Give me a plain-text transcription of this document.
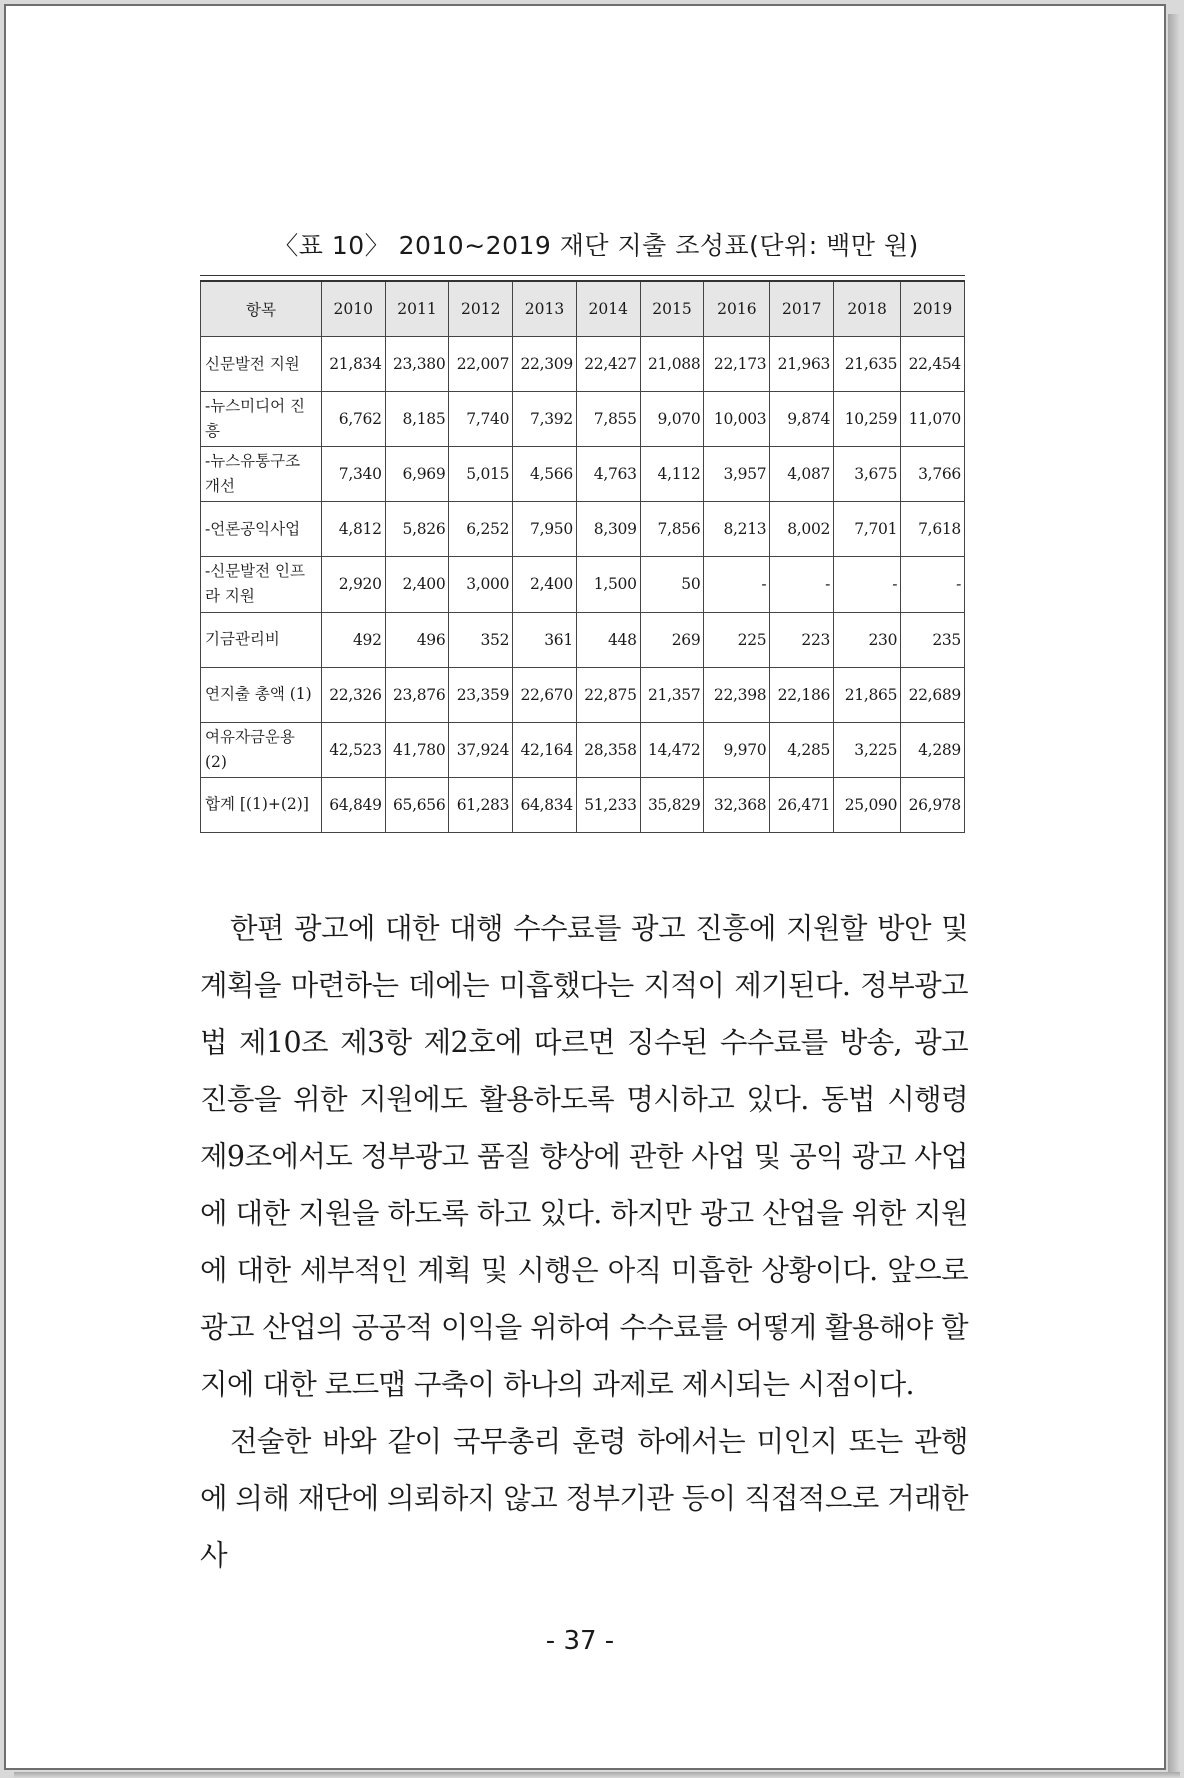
〈표 10〉 2010∼2019 재단 지출 조성표(단위: 백만 원)
항목	2010	2011	2012	2013	2014	2015	2016	2017	2018	2019
신문발전 지원	21,834	23,380	22,007	22,309	22,427	21,088	22,173	21,963	21,635	22,454
-뉴스미디어 진흥	6,762	8,185	7,740	7,392	7,855	9,070	10,003	9,874	10,259	11,070
-뉴스유통구조 개선	7,340	6,969	5,015	4,566	4,763	4,112	3,957	4,087	3,675	3,766
-언론공익사업	4,812	5,826	6,252	7,950	8,309	7,856	8,213	8,002	7,701	7,618
-신문발전 인프라 지원	2,920	2,400	3,000	2,400	1,500	50	-	-	-	-
기금관리비	492	496	352	361	448	269	225	223	230	235
연지출 총액 (1)	22,326	23,876	23,359	22,670	22,875	21,357	22,398	22,186	21,865	22,689
여유자금운용 (2)	42,523	41,780	37,924	42,164	28,358	14,472	9,970	4,285	3,225	4,289
합계 [(1)+(2)]	64,849	65,656	61,283	64,834	51,233	35,829	32,368	26,471	25,090	26,978

한편 광고에 대한 대행 수수료를 광고 진흥에 지원할 방안 및 계획을 마련하는 데에는 미흡했다는 지적이 제기된다. 정부광고법 제10조 제3항 제2호에 따르면 징수된 수수료를 방송, 광고 진흥을 위한 지원에도 활용하도록 명시하고 있다. 동법 시행령 제9조에서도 정부광고 품질 향상에 관한 사업 및 공익 광고 사업에 대한 지원을 하도록 하고 있다. 하지만 광고 산업을 위한 지원에 대한 세부적인 계획 및 시행은 아직 미흡한 상황이다. 앞으로 광고 산업의 공공적 이익을 위하여 수수료를 어떻게 활용해야 할지에 대한 로드맵 구축이 하나의 과제로 제시되는 시점이다.

전술한 바와 같이 국무총리 훈령 하에서는 미인지 또는 관행에 의해 재단에 의뢰하지 않고 정부기관 등이 직접적으로 거래한 사

- 37 -
